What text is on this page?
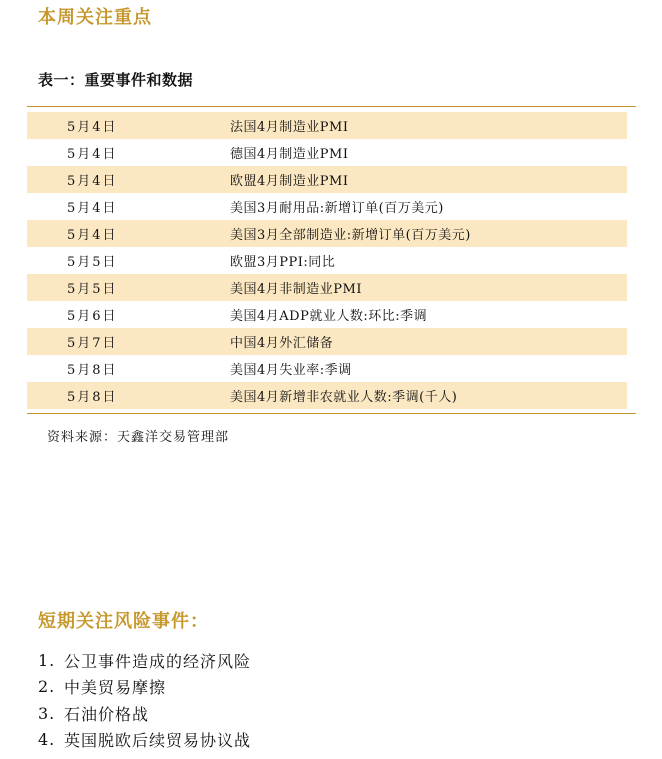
本周关注重点
表一：重要事件和数据
5月4日	法国4月制造业PMI
5月4日	德国4月制造业PMI
5月4日	欧盟4月制造业PMI
5月4日	美国3月耐用品:新增订单(百万美元)
5月4日	美国3月全部制造业:新增订单(百万美元)
5月5日	欧盟3月PPI:同比
5月5日	美国4月非制造业PMI
5月6日	美国4月ADP就业人数:环比:季调
5月7日	中国4月外汇储备
5月8日	美国4月失业率:季调
5月8日	美国4月新增非农就业人数:季调(千人)
资料来源：天鑫洋交易管理部
短期关注风险事件：
1. 公卫事件造成的经济风险
2. 中美贸易摩擦
3. 石油价格战
4. 英国脱欧后续贸易协议战
